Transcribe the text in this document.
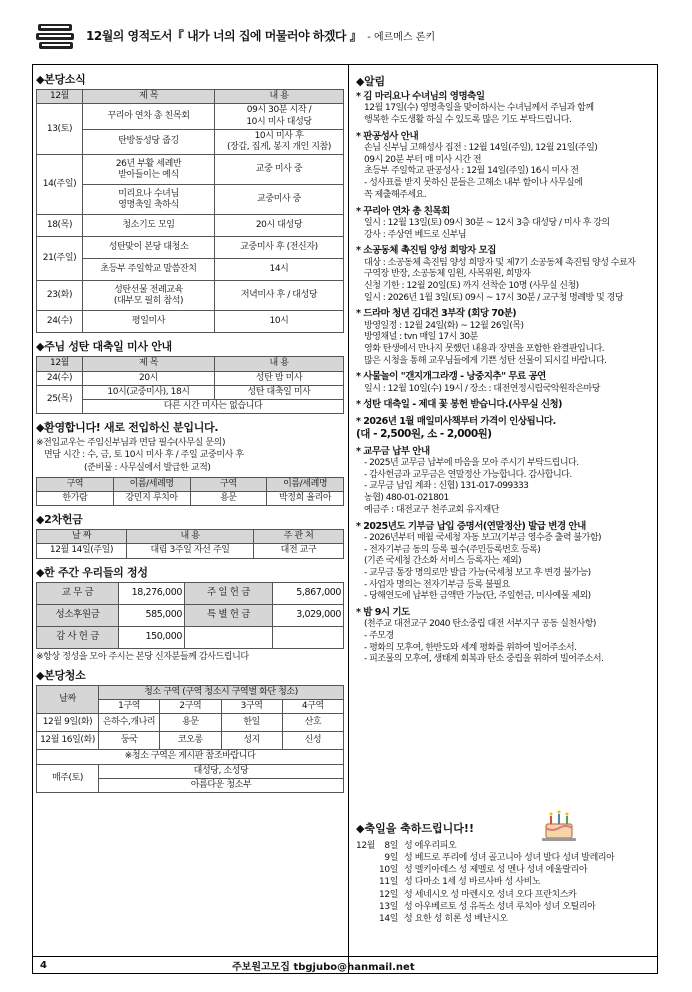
12월의 영적도서『 내가 너의 집에 머물러야 하겠다 』 - 에르메스 론키
◆본당소식
12월	제 목	내 용
13(토)	꾸리아 연차 총 친목회	09시 30분 시작 /
10시 미사 대성당
	탄방동성당 줍깅	10시 미사 후
(장갑, 집게, 봉지 개인 지참)
14(주일)	26년 부활 세례반
받아들이는 예식	교중 미사 중
	미리요나 수녀님
영명축일 축하식	교중미사 중
18(목)	청소기도 모임	20시 대성당
21(주일)	성탄맞이 본당 대청소	교중미사 후 (전신자)
	초등부 주일학교 말씀잔치	14시
23(화)	성탄선물 전례교육
(대부모 필히 참석)	저녁미사 후 / 대성당
24(수)	평일미사	10시
◆주님 성탄 대축일 미사 안내
12월	제 목	내 용
24(수)	20시	성탄 밤 미사
25(목)	10시(교중미사), 18시	성탄 대축일 미사
	다른 시간 미사는 없습니다	
◆환영합니다! 새로 전입하신 분입니다.
※전입교우는 주임신부님과 면담 필수(사무실 문의)
면담 시간 : 수, 금, 토 10시 미사 후 / 주일 교중미사 후
(준비물 : 사무실에서 발급한 교적)
구역	이름/세례명	구역	이름/세례명
한가람	강민지 루치아	용문	박정희 율리아
◆2차헌금
날 짜	내 용	주 관 처
12월 14일(주일)	대림 3주일 자선 주일	대전 교구
◆한 주간 우리들의 정성
교 무 금	18,276,000	주 일 헌 금	5,867,000
성소후원금	585,000	특 별 헌 금	3,029,000
감 사 헌 금	150,000		
※항상 정성을 모아 주시는 본당 신자분들께 감사드립니다
◆본당청소
날짜	청소 구역 (구역 청소시 구역별 화단 청소)			
	1구역	2구역	3구역	4구역
12월 9일(화)	은하수,개나리	용문	한일	산호
12월 16일(화)	둥국	코오롱	성지	신성
※청소 구역은 게시판 참조바랍니다				
매주(토)	대성당, 소성당			
	아름다운 청소부			
◆알림
* 김 마리요나 수녀님의 영명축일
12월 17일(수) 영명축일을 맞이하시는 수녀님께서 주님과 함께
행복한 수도생활 하실 수 있도록 많은 기도 부탁드립니다.
* 판공성사 안내
손님 신부님 고해성사 집전 : 12월 14일(주일), 12월 21일(주일)
09시 20분 부터 매 미사 시간 전
초등부 주일학교 판공성사 : 12월 14일(주일) 16시 미사 전
- 성사표를 받지 못하신 분들은 고해소 내부 함이나 사무실에
꼭 제출해주세요.
* 꾸리아 연차 총 친목회
일시 : 12월 13일(토) 09시 30분 ~ 12시 3층 대성당 / 미사 후 강의
강사 : 주상연 베드로 신부님
* 소공동체 촉진팀 양성 희망자 모집
대상 : 소공동체 촉진팀 양성 희망자 및 제7기 소공동체 촉진팀 양성 수료자
구역장 반장, 소공동체 임원, 사목위원, 희망자
신청 기한 : 12월 20일(토) 까지 선착순 10명 (사무실 신청)
일시 : 2026년 1월 3일(토) 09시 ~ 17시 30분 / 교구청 명례방 및 경당
* 드라마 청년 김대건 3부작 (회당 70분)
방영일정 : 12월 24일(화) ~ 12월 26일(목)
방영채널 : tvn 매일 17시 30분
영화 탄생에서 만나지 못했던 내용과 장면을 포함한 완결판입니다.
많은 시청을 통해 교우님들에게 기쁜 성탄 선물이 되시길 바랍니다.
* 사물놀이 "갠지개그라갱 - 낭중지추" 무료 공연
일시 : 12월 10일(수) 19시 / 장소 : 대전연정시립국악원작은마당
* 성탄 대축일 - 제대 꽃 봉헌 받습니다.(사무실 신청)
* 2026년 1월 매일미사책부터 가격이 인상됩니다.
(대 - 2,500원, 소 - 2,000원)
* 교무금 납부 안내
- 2025년 교무금 납부에 마음을 모아 주시기 부탁드립니다.
- 감사헌금과 교무금은 연말정산 가능합니다. 감사합니다.
- 교무금 납입 계좌 : 신협) 131-017-099333
농협) 480-01-021801
예금주 : 대전교구 천주교회 유지재단
* 2025년도 기부금 납입 증명서(연말정산) 발급 변경 안내
- 2026년부터 매월 국세청 자동 보고(기부금 영수증 출력 불가함)
- 전자기부금 동의 등록 필수(주민등록번호 등록)
(기존 국세청 간소화 서비스 등록자는 제외)
- 교무금 통장 명의로만 발급 가능(국세청 보고 후 변경 불가능)
- 사업자 명의는 전자기부금 등록 불필요
- 당해연도에 납부한 금액만 가능(단, 주일헌금, 미사예물 제외)
* 밤 9시 기도
(천주교 대전교구 2040 탄소중립 대전 서부지구 공동 실천사항)
- 주모경
- 평화의 모후여, 한반도와 세계 평화를 위하여 빌어주소서.
- 피조물의 모후여, 생태계 회복과 탄소 중립을 위하여 빌어주소서.
◆축일을 축하드립니다!!
12월	8일 성 에우리피오
9일 성 베드로 푸리에 성녀 골고니아 성녀 발다 성녀 발레리아
10일 성 멜키아데스 성 제멜로 성 멘나 성녀 에울랄리아
11일 성 다마소 1세 성 바르사바 성 사비노
12일 성 세네시오 성 마렌시오 성녀 오다 프란치스카
13일 성 아우베르토 성 유독소 성녀 루치아 성녀 오틸리아
14일 성 요한 성 히론 성 베난시오
4	주보원고모집 tbgjubo@hanmail.net
